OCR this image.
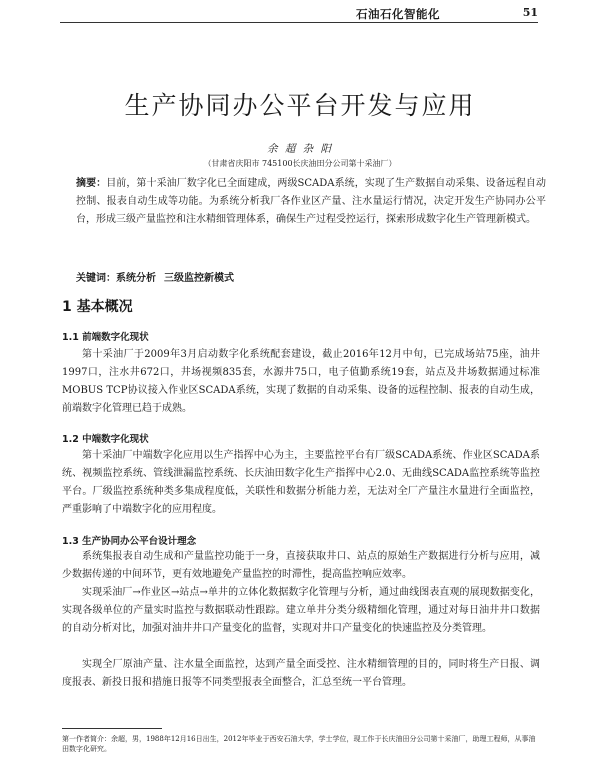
石油石化智能化	51
生产协同办公平台开发与应用
余 超 杂 阳
（甘肃省庆阳市 745100长庆油田分公司第十采油厂）
摘要：目前，第十采油厂数字化已全面建成，两级SCADA系统，实现了生产数据自动采集、设备远程自动控制、报表自动生成等功能。为系统分析我厂各作业区产量、注水量运行情况，决定开发生产协同办公平台，形成三级产量监控和注水精细管理体系，确保生产过程受控运行，探索形成数字化生产管理新模式。
关键词：系统分析 三级监控新模式
1 基本概况
1.1 前端数字化现状

第十采油厂于2009年3月启动数字化系统配套建设，截止2016年12月中旬，已完成场站75座，油井1997口，注水井672口，井场视频835套，水源井75口，电子值勤系统19套，站点及井场数据通过标准MOBUS TCP协议接入作业区SCADA系统，实现了数据的自动采集、设备的远程控制、报表的自动生成，前端数字化管理已趋于成熟。

1.2 中端数字化现状

第十采油厂中端数字化应用以生产指挥中心为主，主要监控平台有厂级SCADA系统、作业区SCADA系统、视频监控系统、管线泄漏监控系统、长庆油田数字化生产指挥中心2.0、无曲线SCADA监控系统等监控平台。厂级监控系统种类多集成程度低，关联性和数据分析能力差，无法对全厂产量注水量进行全面监控，严重影响了中端数字化的应用程度。

1.3 生产协同办公平台设计理念

系统集报表自动生成和产量监控功能于一身，直接获取井口、站点的原始生产数据进行分析与应用，减少数据传递的中间环节，更有效地避免产量监控的时滞性，提高监控响应效率。

实现采油厂→作业区→站点→单井的立体化数据数字化管理与分析，通过曲线图表直观的展现数据变化，实现各级单位的产量实时监控与数据联动性跟踪。建立单井分类分级精细化管理，通过对每日油井井口数据的自动分析对比，加强对油井井口产量变化的监督，实现对井口产量变化的快速监控及分类管理。

实现全厂原油产量、注水量全面监控，达到产量全面受控、注水精细管理的目的，同时将生产日报、调度报表、新投日报和措施日报等不同类型报表全面整合，汇总至统一平台管理。

第一作者简介：余超，男，1988年12月16日出生，2012年毕业于西安石油大学，学士学位，现工作于长庆油田分公司第十采油厂，助理工程师，从事油田数字化研究。
